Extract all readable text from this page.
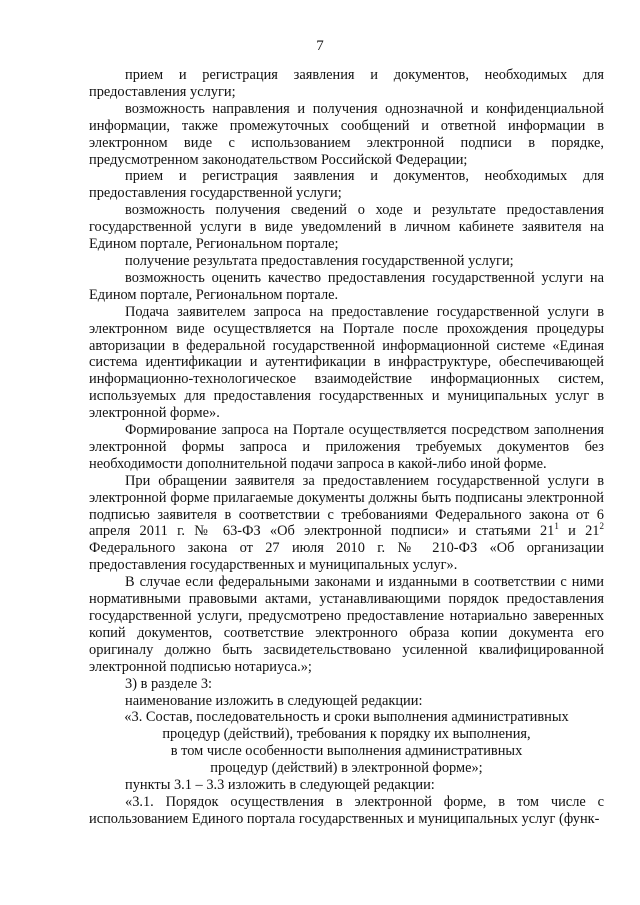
7

прием и регистрация заявления и документов, необходимых для предоставления услуги;

возможность направления и получения однозначной и конфиденциальной информации, также промежуточных сообщений и ответной информации в электронном виде с использованием электронной подписи в порядке, предусмотренном законодательством Российской Федерации;

прием и регистрация заявления и документов, необходимых для предоставления государственной услуги;

возможность получения сведений о ходе и результате предоставления государственной услуги в виде уведомлений в личном кабинете заявителя на Едином портале, Региональном портале;

получение результата предоставления государственной услуги;

возможность оценить качество предоставления государственной услуги на Едином портале, Региональном портале.

Подача заявителем запроса на предоставление государственной услуги в электронном виде осуществляется на Портале после прохождения процедуры авторизации в федеральной государственной информационной системе «Единая система идентификации и аутентификации в инфраструктуре, обеспечивающей информационно-технологическое взаимодействие информационных систем, используемых для предоставления государственных и муниципальных услуг в электронной форме».

Формирование запроса на Портале осуществляется посредством заполнения электронной формы запроса и приложения требуемых документов без необходимости дополнительной подачи запроса в какой-либо иной форме.

При обращении заявителя за предоставлением государственной услуги в электронной форме прилагаемые документы должны быть подписаны электронной подписью заявителя в соответствии с требованиями Федерального закона от 6 апреля 2011 г. № 63-ФЗ «Об электронной подписи» и статьями $21^1$ и $21^2$ Федерального закона от 27 июля 2010 г. № 210-ФЗ «Об организации предоставления государственных и муниципальных услуг».

В случае если федеральными законами и изданными в соответствии с ними нормативными правовыми актами, устанавливающими порядок предоставления государственной услуги, предусмотрено предоставление нотариально заверенных копий документов, соответствие электронного образа копии документа его оригиналу должно быть засвидетельствовано усиленной квалифицированной электронной подписью нотариуса.»;

3) в разделе 3:

наименование изложить в следующей редакции:

«3. Состав, последовательность и сроки выполнения административных

процедур (действий), требования к порядку их выполнения,

в том числе особенности выполнения административных

процедур (действий) в электронной форме»;

пункты 3.1 – 3.3 изложить в следующей редакции:

«3.1. Порядок осуществления в электронной форме, в том числе с использованием Единого портала государственных и муниципальных услуг (функ-
